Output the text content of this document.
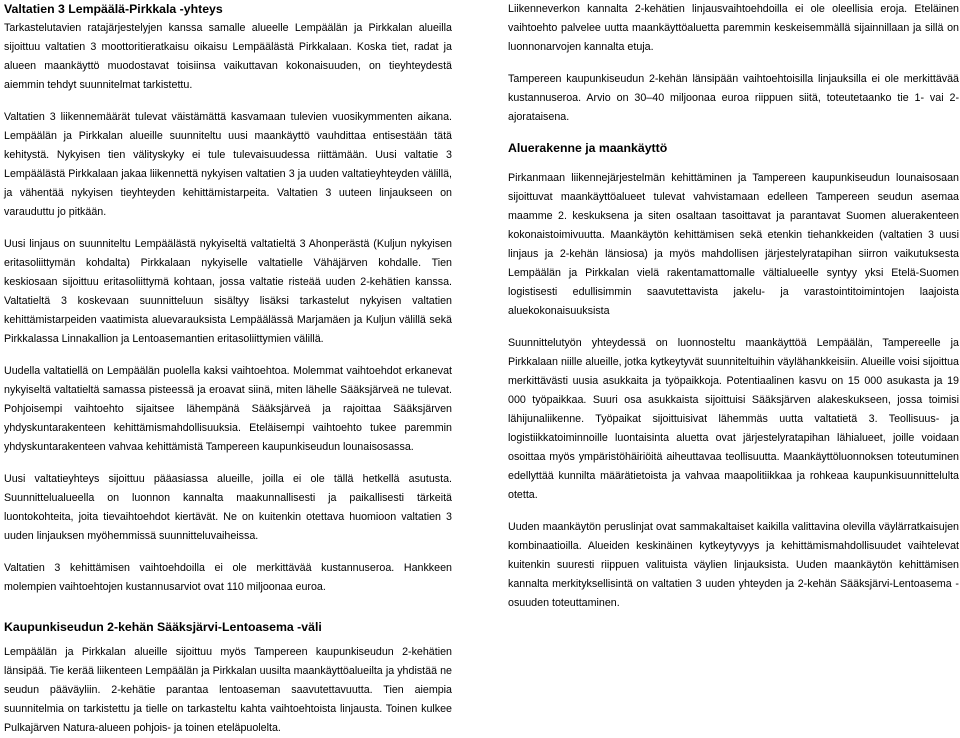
Valtatien 3 Lempäälä-Pirkkala -yhteys

Tarkastelutavien ratajärjestelyjen kanssa samalle alueelle Lempäälän ja Pirkkalan alueilla sijoittuu valtatien 3 moottoritieratkaisu oikaisu Lempäälästä Pirkkalaan. Koska tiet, radat ja alueen maankäyttö muodostavat toisiinsa vaikuttavan kokonaisuuden, on tieyhteydestä aiemmin tehdyt suunnitelmat tarkistettu.

Valtatien 3 liikennemäärät tulevat väistämättä kasvamaan tulevien vuosikymmenten aikana. Lempäälän ja Pirkkalan alueille suunniteltu uusi maankäyttö vauhdittaa entisestään tätä kehitystä. Nykyisen tien välityskyky ei tule tulevaisuudessa riittämään. Uusi valtatie 3 Lempäälästä Pirkkalaan jakaa liikennettä nykyisen valtatien 3 ja uuden valtatieyhteyden välillä, ja vähentää nykyisen tieyhteyden kehittämistarpeita. Valtatien 3 uuteen linjaukseen on varauduttu jo pitkään.

Uusi linjaus on suunniteltu Lempäälästä nykyiseltä valtatieltä 3 Ahonperästä (Kuljun nykyisen eritasoliittymän kohdalta) Pirkkalaan nykyiselle valtatielle Vähäjärven kohdalle. Tien keskiosaan sijoittuu eritasoliittymä kohtaan, jossa valtatie risteää uuden 2-kehätien kanssa. Valtatieltä 3 koskevaan suunnitteluun sisältyy lisäksi tarkastelut nykyisen valtatien kehittämistarpeiden vaatimista aluevarauksista Lempäälässä Marjamäen ja Kuljun välillä sekä Pirkkalassa Linnakallion ja Lentoasemantien eritasoliittymien välillä.

Uudella valtatiellä on Lempäälän puolella kaksi vaihtoehtoa. Molemmat vaihtoehdot erkanevat nykyiseltä valtatieltä samassa pisteessä ja eroavat siinä, miten lähelle Sääksjärveä ne tulevat. Pohjoisempi vaihtoehto sijaitsee lähempänä Sääksjärveä ja rajoittaa Sääksjärven yhdyskuntarakenteen kehittämismahdollisuuksia. Eteläisempi vaihtoehto tukee paremmin yhdyskuntarakenteen vahvaa kehittämistä Tampereen kaupunkiseudun lounaisosassa.

Uusi valtatieyhteys sijoittuu pääasiassa alueille, joilla ei ole tällä hetkellä asutusta. Suunnittelualueella on luonnon kannalta maakunnallisesti ja paikallisesti tärkeitä luontokohteita, joita tievaihtoehdot kiertävät. Ne on kuitenkin otettava huomioon valtatien 3 uuden linjauksen myöhemmissä suunnitteluvaiheissa.

Valtatien 3 kehittämisen vaihtoehdoilla ei ole merkittävää kustannuseroa. Hankkeen molempien vaihtoehtojen kustannusarviot ovat 110 miljoonaa euroa.

Kaupunkiseudun 2-kehän Sääksjärvi-Lentoasema -väli

Lempäälän ja Pirkkalan alueille sijoittuu myös Tampereen kaupunkiseudun 2-kehätien länsipää. Tie kerää liikenteen Lempäälän ja Pirkkalan uusilta maankäyttöalueilta ja yhdistää ne seudun pääväyliin. 2-kehätie parantaa lentoaseman saavutettavuutta. Tien aiempia suunnitelmia on tarkistettu ja tielle on tarkasteltu kahta vaihtoehtoista linjausta. Toinen kulkee Pulkajärven Natura-alueen pohjois- ja toinen eteläpuolelta.

Liikenneverkon kannalta 2-kehätien linjausvaihtoehdoilla ei ole oleellisia eroja. Eteläinen vaihtoehto palvelee uutta maankäyttöaluetta paremmin keskeisemmällä sijainnillaan ja sillä on luonnonarvojen kannalta etuja.

Tampereen kaupunkiseudun 2-kehän länsipään vaihtoehtoisilla linjauksilla ei ole merkittävää kustannuseroa. Arvio on 30–40 miljoonaa euroa riippuen siitä, toteutetaanko tie 1- vai 2-ajorataisena.

Aluerakenne ja maankäyttö

Pirkanmaan liikennejärjestelmän kehittäminen ja Tampereen kaupunkiseudun lounaisosaan sijoittuvat maankäyttöalueet tulevat vahvistamaan edelleen Tampereen seudun asemaa maamme 2. keskuksena ja siten osaltaan tasoittavat ja parantavat Suomen aluerakenteen kokonaistoimivuutta. Maankäytön kehittämisen sekä etenkin tiehankkeiden (valtatien 3 uusi linjaus ja 2-kehän länsiosa) ja myös mahdollisen järjestelyratapihan siirron vaikutuksesta Lempäälän ja Pirkkalan vielä rakentamattomalle vältialueelle syntyy yksi Etelä-Suomen logistisesti edullisimmin saavutettavista jakelu- ja varastointitoimintojen laajoista aluekokonaisuuksista

Suunnittelutyön yhteydessä on luonnosteltu maankäyttöä Lempäälän, Tampereelle ja Pirkkalaan niille alueille, jotka kytkeytyvät suunniteltuihin väylähankkeisiin. Alueille voisi sijoittua merkittävästi uusia asukkaita ja työpaikkoja. Potentiaalinen kasvu on 15 000 asukasta ja 19 000 työpaikkaa. Suuri osa asukkaista sijoittuisi Sääksjärven alakeskukseen, jossa toimisi lähijunaliikenne. Työpaikat sijoittuisivat lähemmäs uutta valtatietä 3. Teollisuus- ja logistiikkatoiminnoille luontaisinta aluetta ovat järjestelyratapihan lähialueet, joille voidaan osoittaa myös ympäristöhäiriöitä aiheuttavaa teollisuutta. Maankäyttöluonnoksen toteutuminen edellyttää kunnilta määrätietoista ja vahvaa maapolitiikkaa ja rohkeaa kaupunkisuunnittelulta otetta.

Uuden maankäytön peruslinjat ovat sammakaltaiset kaikilla valittavina olevilla väylärratkaisujen kombinaatioilla. Alueiden keskinäinen kytkeytyvyys ja kehittämismahdollisuudet vaihtelevat kuitenkin suuresti riippuen valituista väylien linjauksista. Uuden maankäytön kehittämisen kannalta merkityksellisintä on valtatien 3 uuden yhteyden ja 2-kehän Sääksjärvi-Lentoasema -osuuden toteuttaminen.
